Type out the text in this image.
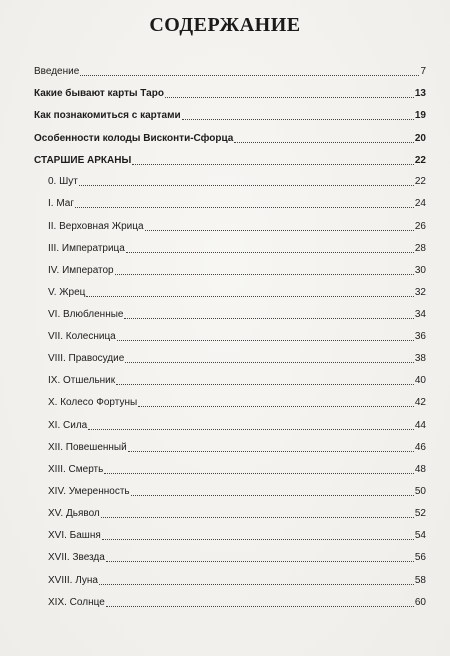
СОДЕРЖАНИЕ
Введение	7
Какие бывают карты Таро	13
Как познакомиться с картами	19
Особенности колоды Висконти-Сфорца	20
СТАРШИЕ АРКАНЫ	22
0. Шут	22
I. Маг	24
II. Верховная Жрица	26
III. Императрица	28
IV. Император	30
V. Жрец	32
VI. Влюбленные	34
VII. Колесница	36
VIII. Правосудие	38
IX. Отшельник	40
X. Колесо Фортуны	42
XI. Сила	44
XII. Повешенный	46
XIII. Смерть	48
XIV. Умеренность	50
XV. Дьявол	52
XVI. Башня	54
XVII. Звезда	56
XVIII. Луна	58
XIX. Солнце	60
